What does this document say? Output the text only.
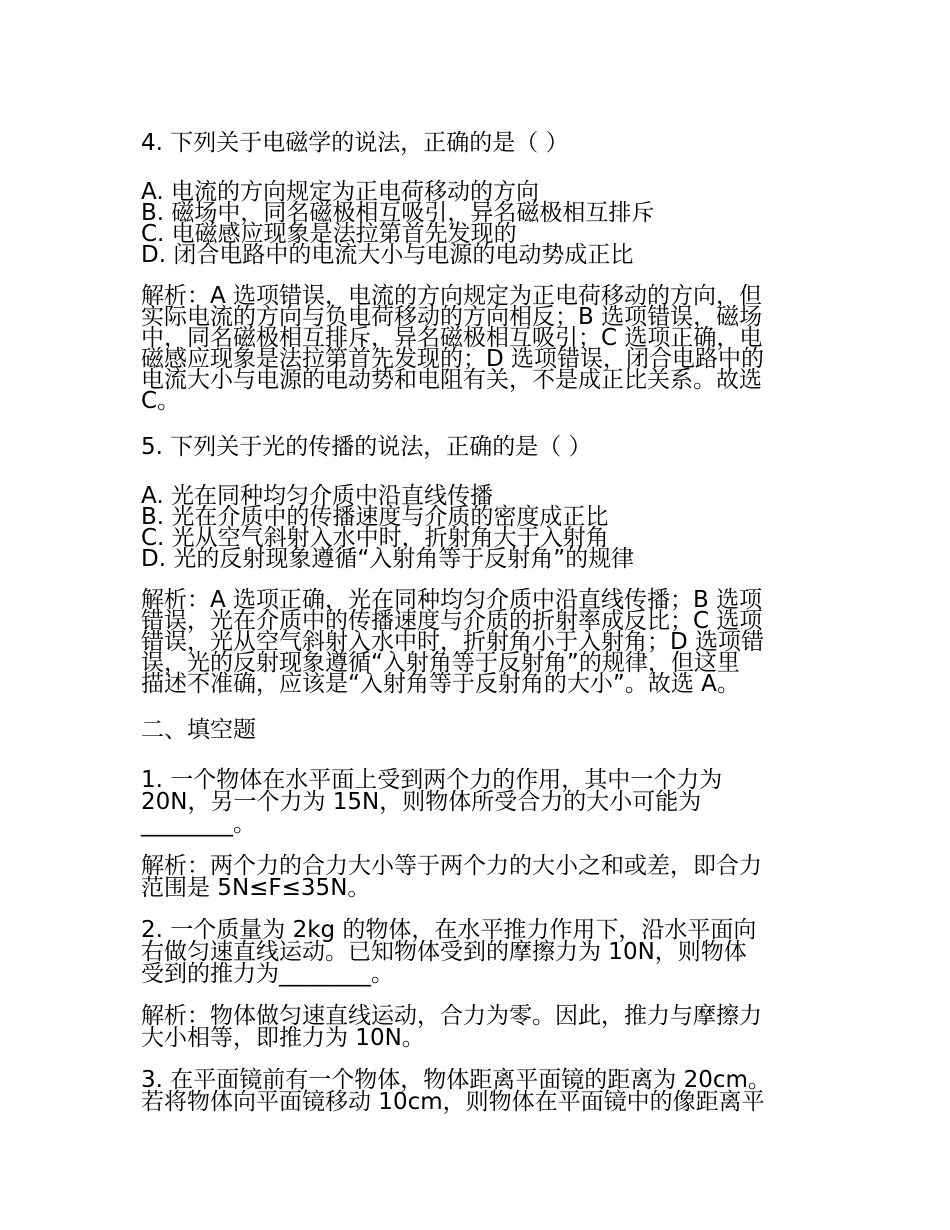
4. 下列关于电磁学的说法，正确的是（ ）
A. 电流的方向规定为正电荷移动的方向
B. 磁场中，同名磁极相互吸引，异名磁极相互排斥
C. 电磁感应现象是法拉第首先发现的
D. 闭合电路中的电流大小与电源的电动势成正比
解析：A 选项错误，电流的方向规定为正电荷移动的方向，但
实际电流的方向与负电荷移动的方向相反；B 选项错误，磁场
中，同名磁极相互排斥，异名磁极相互吸引；C 选项正确，电
磁感应现象是法拉第首先发现的；D 选项错误，闭合电路中的
电流大小与电源的电动势和电阻有关，不是成正比关系。故选
C。
5. 下列关于光的传播的说法，正确的是（ ）
A. 光在同种均匀介质中沿直线传播
B. 光在介质中的传播速度与介质的密度成正比
C. 光从空气斜射入水中时，折射角大于入射角
D. 光的反射现象遵循“入射角等于反射角”的规律
解析：A 选项正确，光在同种均匀介质中沿直线传播；B 选项
错误，光在介质中的传播速度与介质的折射率成反比；C 选项
错误，光从空气斜射入水中时，折射角小于入射角；D 选项错
误，光的反射现象遵循“入射角等于反射角”的规律，但这里
描述不准确，应该是“入射角等于反射角的大小”。故选 A。
二、填空题
1. 一个物体在水平面上受到两个力的作用，其中一个力为
20N，另一个力为 15N，则物体所受合力的大小可能为
________。
解析：两个力的合力大小等于两个力的大小之和或差，即合力
范围是 5N≤F≤35N。
2. 一个质量为 2kg 的物体，在水平推力作用下，沿水平面向
右做匀速直线运动。已知物体受到的摩擦力为 10N，则物体
受到的推力为________。
解析：物体做匀速直线运动，合力为零。因此，推力与摩擦力
大小相等，即推力为 10N。
3. 在平面镜前有一个物体，物体距离平面镜的距离为 20cm。
若将物体向平面镜移动 10cm，则物体在平面镜中的像距离平
